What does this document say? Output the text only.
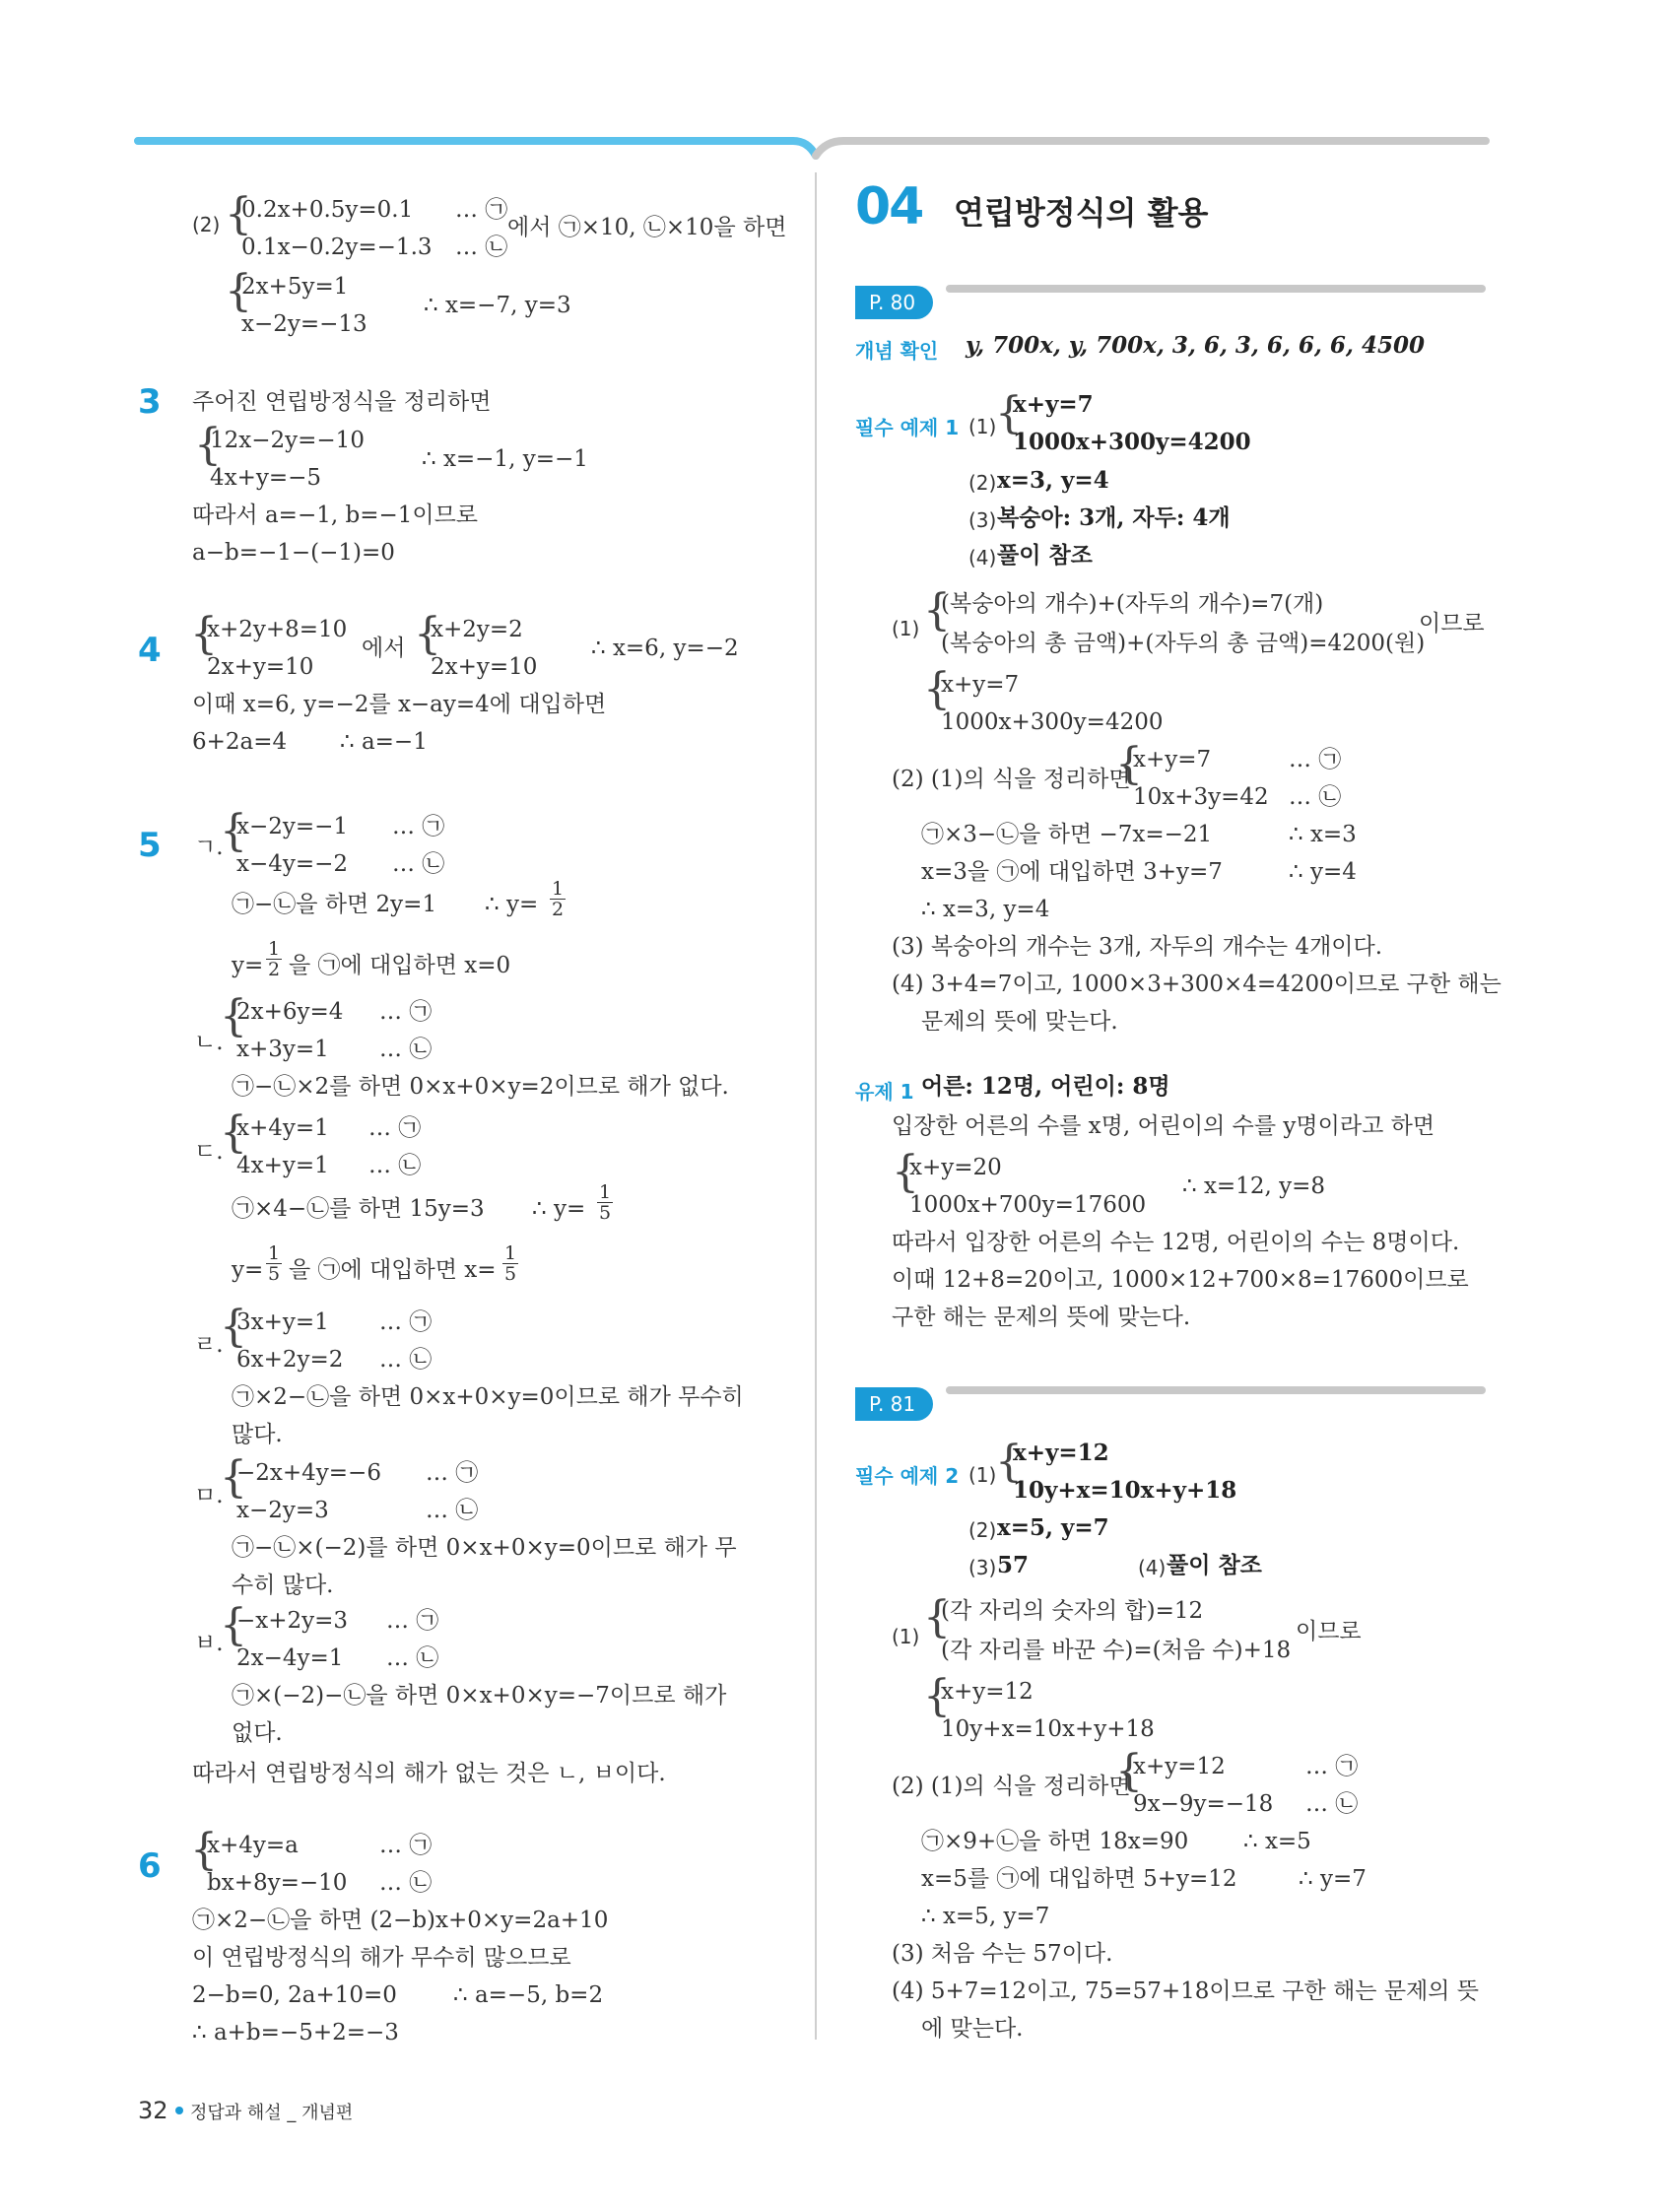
(2) {
0.2x+0.5y=0.1 … ㉠
0.1x−0.2y=−1.3 … ㉡
에서 ㉠×10, ㉡×10을 하면
{
2x+5y=1
x−2y=−13
∴ x=−7, y=3
3 주어진 연립방정식을 정리하면
{
12x−2y=−10
4x+y=−5
∴ x=−1, y=−1
따라서 a=−1, b=−1이므로
a−b=−1−(−1)=0
4 {
x+2y+8=10
2x+y=10
에서 {
x+2y=2
2x+y=10
∴ x=6, y=−2
이때 x=6, y=−2를 x−ay=4에 대입하면
6+2a=4 ∴ a=−1
5 ㄱ.
{
x−2y=−1 … ㉠
x−4y=−2 … ㉡
㉠−㉡을 하면 2y=1 ∴ $y= \frac{1}{2}$
$y= \frac{1}{2}$ 을 ㉠에 대입하면 x=0
ㄴ.
{
2x+6y=4 … ㉠
x+3y=1 … ㉡
㉠−㉡×2를 하면 0×x+0×y=2이므로 해가 없다.
ㄷ.
{
x+4y=1 … ㉠
4x+y=1 … ㉡
㉠×4−㉡를 하면 15y=3 ∴ $y= \frac{1}{5}$
$y= \frac{1}{5}$ 을 ㉠에 대입하면 $x= \frac{1}{5}$
ㄹ.
{
3x+y=1 … ㉠
6x+2y=2 … ㉡
㉠×2−㉡을 하면 0×x+0×y=0이므로 해가 무수히
많다.
ㅁ.
{
−2x+4y=−6 … ㉠
x−2y=3	… ㉡
㉠−㉡×(−2)를 하면 0×x+0×y=0이므로 해가 무
수히 많다.
ㅂ.
{
−x+2y=3 … ㉠
2x−4y=1 … ㉡
㉠×(−2)−㉡을 하면 0×x+0×y=−7이므로 해가
없다.
따라서 연립방정식의 해가 없는 것은 ㄴ, ㅂ이다.
6 {
x+4y=a	… ㉠
bx+8y=−10 … ㉡
㉠×2−㉡을 하면 (2−b)x+0×y=2a+10
이 연립방정식의 해가 무수히 많으므로
2−b=0, 2a+10=0 ∴ a=−5, b=2
∴ a+b=−5+2=−3
04 연립방정식의 활용
P. 80
개념 확인 y, 700x, y, 700x, 3, 6, 3, 6, 6, 6, 4500
필수 예제 1 (1)
{
x+y=7
1000x+300y=4200
(2) x=3, y=4
(3) 복숭아: 3개, 자두: 4개
(4) 풀이 참조
(1) {
(복숭아의 개수)+(자두의 개수)=7(개)
(복숭아의 총 금액)+(자두의 총 금액)=4200(원)
이므로
{
x+y=7
1000x+300y=4200
(2) (1)의 식을 정리하면
{
x+y=7	… ㉠
10x+3y=42 … ㉡
㉠×3−㉡을 하면 −7x=−21	∴ x=3
x=3을 ㉠에 대입하면 3+y=7	∴ y=4
∴ x=3, y=4
(3) 복숭아의 개수는 3개, 자두의 개수는 4개이다.
(4) 3+4=7이고, 1000×3+300×4=4200이므로 구한 해는
문제의 뜻에 맞는다.
유제 1 어른: 12명, 어린이: 8명
입장한 어른의 수를 x명, 어린이의 수를 y명이라고 하면
{
x+y=20
1000x+700y=17600
∴ x=12, y=8
따라서 입장한 어른의 수는 12명, 어린이의 수는 8명이다.
이때 12+8=20이고, 1000×12+700×8=17600이므로
구한 해는 문제의 뜻에 맞는다.
P. 81
필수 예제 2 (1)
{
x+y=12
10y+x=10x+y+18
(2) x=5, y=7
(3) 57	(4) 풀이 참조
(1) {
(각 자리의 숫자의 합)=12
(각 자리를 바꾼 수)=(처음 수)+18
이므로
{
x+y=12
10y+x=10x+y+18
(2) (1)의 식을 정리하면
{
x+y=12	… ㉠
9x−9y=−18 … ㉡
㉠×9+㉡을 하면 18x=90 ∴ x=5
x=5를 ㉠에 대입하면 5+y=12	∴ y=7
∴ x=5, y=7
(3) 처음 수는 57이다.
(4) 5+7=12이고, 75=57+18이므로 구한 해는 문제의 뜻
에 맞는다.
32 정답과 해설 _ 개념편
